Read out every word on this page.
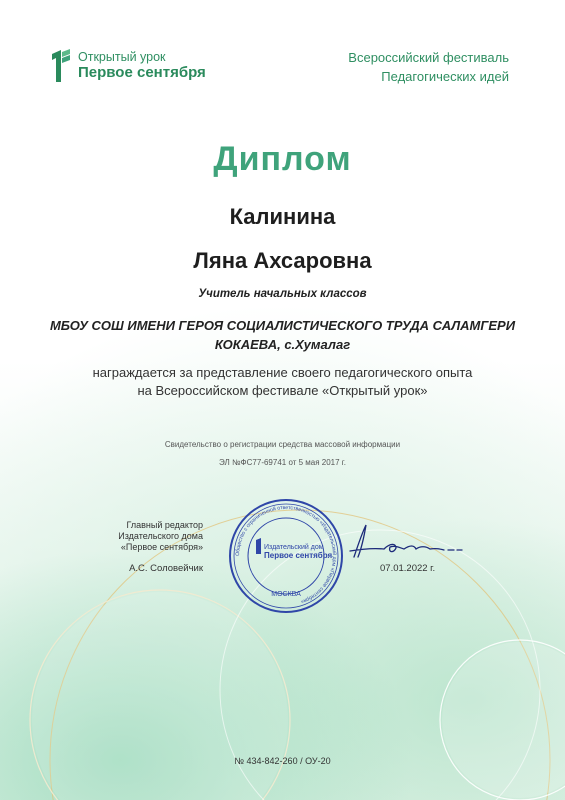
Открытый урок
Первое сентября
Всероссийский фестиваль
Педагогических идей
Диплом
Калинина
Ляна Ахсаровна
Учитель начальных классов
МБОУ СОШ ИМЕНИ ГЕРОЯ СОЦИАЛИСТИЧЕСКОГО ТРУДА САЛАМГЕРИ КОКАЕВА, с.Хумалаг
награждается за представление своего педагогического опыта
на Всероссийском фестивале «Открытый урок»
Свидетельство о регистрации средства массовой информации
ЭЛ №ФС77-69741 от 5 мая 2017 г.
Главный редактор
Издательского дома
«Первое сентября»
А.С. Соловейчик
Общество с ограниченной ответственностью «Издательский дом «Первое сентября»
Издательский дом
Первое сентября
МОСКВА
07.01.2022 г.
№ 434-842-260 / ОУ-20
